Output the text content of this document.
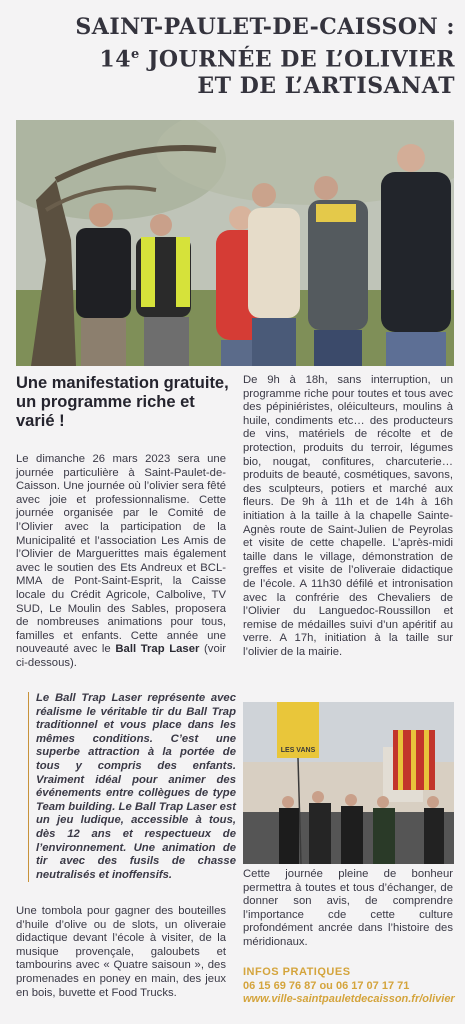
SAINT-PAULET-DE-CAISSON :
14e JOURNÉE DE L’OLIVIER
ET DE L’ARTISANAT
Une manifestation gratuite, un programme riche et varié !
Le dimanche 26 mars 2023 sera une journée particulière à Saint-Paulet-de-Caisson. Une journée où l’olivier sera fêté avec joie et professionnalisme. Cette journée organisée par le Comité de l’Olivier avec la participation de la Municipalité et l’association Les Amis de l’Olivier de Marguerittes mais également avec le soutien des Ets Andreux et BCL-MMA de Pont-Saint-Esprit, la Caisse locale du Crédit Agricole, Calbolive, TV SUD, Le Moulin des Sables, proposera de nombreuses animations pour tous, familles et enfants. Cette année une nouveauté avec le Ball Trap Laser (voir ci-dessous).
Le Ball Trap Laser représente avec réalisme le véritable tir du Ball Trap traditionnel et vous place dans les mêmes conditions. C’est une superbe attraction à la portée de tous y compris des enfants. Vraiment idéal pour animer des événements entre collègues de type Team building. Le Ball Trap Laser est un jeu ludique, accessible à tous, dès 12 ans et respectueux de l’environnement. Une animation de tir avec des fusils de chasse neutralisés et inoffensifs.
Une tombola pour gagner des bouteilles d’huile d’olive ou de slots, un oliveraie didactique devant l’école à visiter, de la musique provençale, galoubets et tambourins avec « Quatre saisoun », des promenades en poney en main, des jeux en bois, buvette et Food Trucks.
De 9h à 18h, sans interruption, un programme riche pour toutes et tous avec des pépiniéristes, oléiculteurs, moulins à huile, condiments etc… des producteurs de vins, matériels de récolte et de protection, produits du terroir, légumes bio, nougat, confitures, charcuterie… produits de beauté, cosmétiques, savons, des sculpteurs, potiers et marché aux fleurs. De 9h à 11h et de 14h à 16h initiation à la taille à la chapelle Sainte-Agnès route de Saint-Julien de Peyrolas et visite de cette chapelle. L’après-midi taille dans le village, démonstration de greffes et visite de l’oliveraie didactique de l’école. A 11h30 défilé et intronisation avec la confrérie des Chevaliers de l’Olivier du Languedoc-Roussillon et remise de médailles suivi d’un apéritif au verre. A 17h, initiation à la taille sur l’olivier de la mairie.
LES VANS
Cette journée pleine de bonheur permettra à toutes et tous d’échanger, de donner son avis, de comprendre l’importance cde cette culture profondément ancrée dans l’histoire des méridionaux.
INFOS PRATIQUES
06 15 69 76 87 ou 06 17 07 17 71
www.ville-saintpauletdecaisson.fr/olivier
